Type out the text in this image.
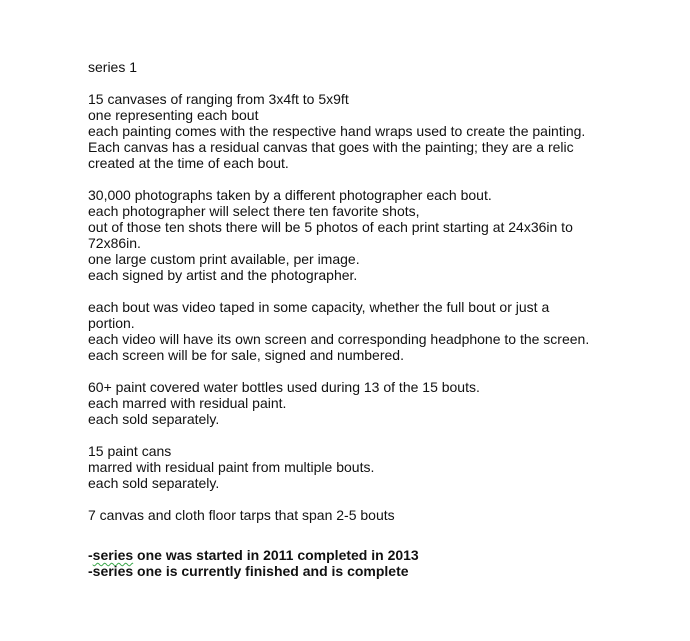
series 1
15 canvases of ranging from 3x4ft to 5x9ft
one representing each bout
each painting comes with the respective hand wraps used to create the painting.
Each canvas has a residual canvas that goes with the painting; they are a relic
created at the time of each bout.
30,000 photographs taken by a different photographer each bout.
each photographer will select there ten favorite shots,
out of those ten shots there will be 5 photos of each print starting at 24x36in to
72x86in.
one large custom print available, per image.
each signed by artist and the photographer.
each bout was video taped in some capacity, whether the full bout or just a
portion.
each video will have its own screen and corresponding headphone to the screen.
each screen will be for sale, signed and numbered.
60+ paint covered water bottles used during 13 of the 15 bouts.
each marred with residual paint.
each sold separately.
15 paint cans
marred with residual paint from multiple bouts.
each sold separately.
7 canvas and cloth floor tarps that span 2-5 bouts
-series one was started in 2011 completed in 2013
-series one is currently finished and is complete
